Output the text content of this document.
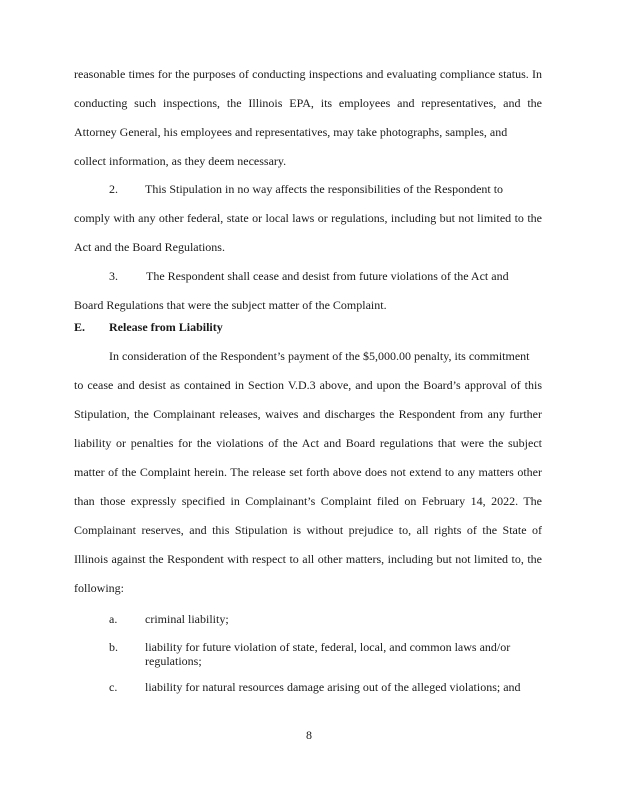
reasonable times for the purposes of conducting inspections and evaluating compliance status. In
conducting such inspections, the Illinois EPA, its employees and representatives, and the
Attorney General, his employees and representatives, may take photographs, samples, and
collect information, as they deem necessary.
2. This Stipulation in no way affects the responsibilities of the Respondent to
comply with any other federal, state or local laws or regulations, including but not limited to the
Act and the Board Regulations.
3. The Respondent shall cease and desist from future violations of the Act and
Board Regulations that were the subject matter of the Complaint.
E. Release from Liability
In consideration of the Respondent’s payment of the $5,000.00 penalty, its commitment
to cease and desist as contained in Section V.D.3 above, and upon the Board’s approval of this
Stipulation, the Complainant releases, waives and discharges the Respondent from any further
liability or penalties for the violations of the Act and Board regulations that were the subject
matter of the Complaint herein. The release set forth above does not extend to any matters other
than those expressly specified in Complainant’s Complaint filed on February 14, 2022. The
Complainant reserves, and this Stipulation is without prejudice to, all rights of the State of
Illinois against the Respondent with respect to all other matters, including but not limited to, the
following:
a. criminal liability;
b. liability for future violation of state, federal, local, and common laws and/or
regulations;
c. liability for natural resources damage arising out of the alleged violations; and
8
